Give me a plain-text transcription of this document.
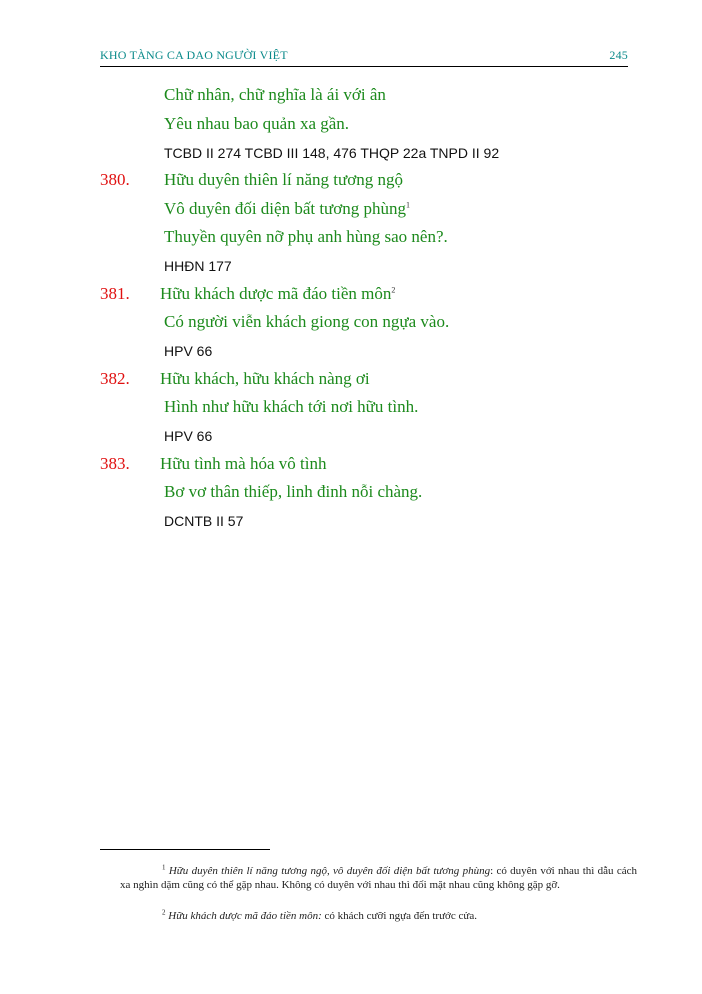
KHO TÀNG CA DAO NGƯỜI VIỆT	245
Chữ nhân, chữ nghĩa là ái với ân
Yêu nhau bao quản xa gần.
TCBD II 274 TCBD III 148, 476 THQP 22a TNPD II 92
380. Hữu duyên thiên lí năng tương ngộ
Vô duyên đối diện bất tương phùng$^1$
Thuyền quyên nỡ phụ anh hùng sao nên?.
HHĐN 177
381. Hữu khách dược mã đáo tiền môn$^2$
Có người viễn khách giong con ngựa vào.
HPV 66
382. Hữu khách, hữu khách nàng ơi
Hình như hữu khách tới nơi hữu tình.
HPV 66
383. Hữu tình mà hóa vô tình
Bơ vơ thân thiếp, linh đinh nỗi chàng.
DCNTB II 57
$^1$ Hữu duyên thiên lí năng tương ngộ, vô duyên đối diện bất tương phùng: có duyên với nhau thì dẫu cách xa nghìn dặm cũng có thể gặp nhau. Không có duyên với nhau thì đối mặt nhau cũng không gặp gỡ.
$^2$ Hữu khách dược mã đáo tiền môn: có khách cưỡi ngựa đến trước cửa.
